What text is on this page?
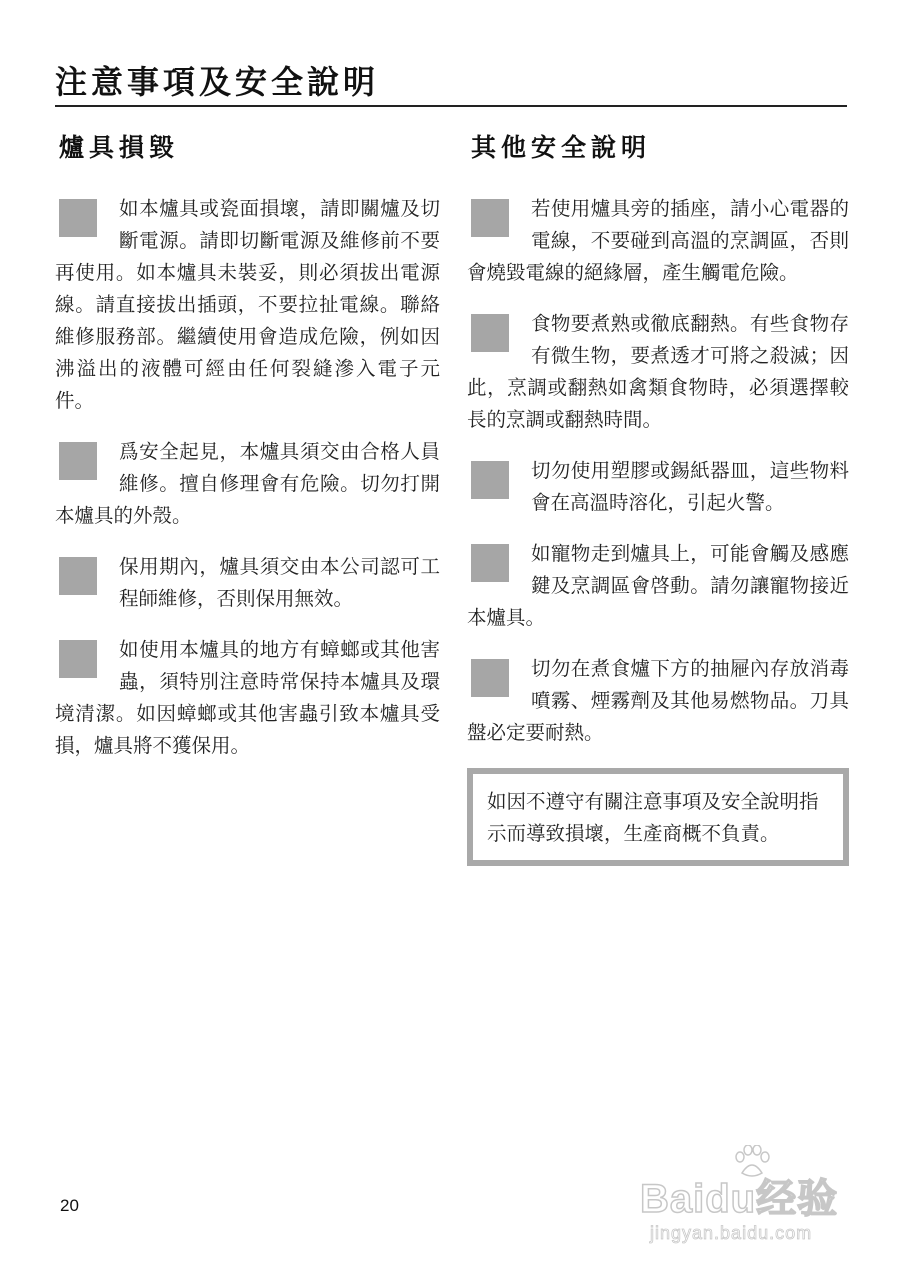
注意事項及安全說明
爐具損毀
如本爐具或瓷面損壞，請即關爐及切斷電源。請即切斷電源及維修前不要再使用。如本爐具未裝妥，則必須拔出電源線。請直接拔出插頭，不要拉扯電線。聯絡維修服務部。繼續使用會造成危險，例如因沸溢出的液體可經由任何裂縫滲入電子元件。
爲安全起見，本爐具須交由合格人員維修。擅自修理會有危險。切勿打開本爐具的外殼。
保用期內，爐具須交由本公司認可工程師維修，否則保用無效。
如使用本爐具的地方有蟑螂或其他害蟲，須特別注意時常保持本爐具及環境清潔。如因蟑螂或其他害蟲引致本爐具受損，爐具將不獲保用。
其他安全說明
若使用爐具旁的插座，請小心電器的電線，不要碰到高溫的烹調區，否則會燒毀電線的絕緣層，產生觸電危險。
食物要煮熟或徹底翻熱。有些食物存有微生物，要煮透才可將之殺滅；因此，烹調或翻熱如禽類食物時，必須選擇較長的烹調或翻熱時間。
切勿使用塑膠或錫紙器皿，這些物料會在高溫時溶化，引起火警。
如寵物走到爐具上，可能會觸及感應鍵及烹調區會啓動。請勿讓寵物接近本爐具。
切勿在煮食爐下方的抽屜內存放消毒噴霧、煙霧劑及其他易燃物品。刀具盤必定要耐熱。
如因不遵守有關注意事項及安全說明指示而導致損壞，生產商概不負責。
20	Baidu经验
jingyan.baidu.com
